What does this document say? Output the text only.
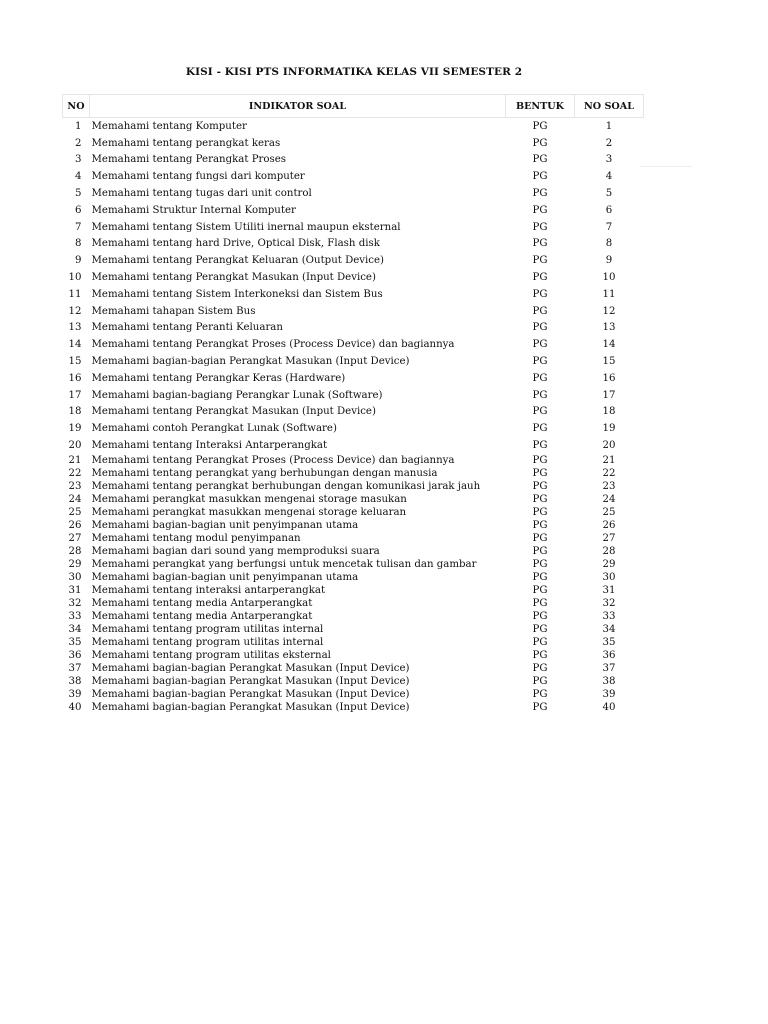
KISI - KISI PTS INFORMATIKA KELAS VII SEMESTER 2
NO	INDIKATOR SOAL	BENTUK	NO SOAL
1	Memahami tentang Komputer	PG	1
2	Memahami tentang perangkat keras	PG	2
3	Memahami tentang Perangkat Proses	PG	3
4	Memahami tentang fungsi dari komputer	PG	4
5	Memahami tentang tugas dari unit control	PG	5
6	Memahami Struktur Internal Komputer	PG	6
7	Memahami tentang Sistem Utiliti inernal maupun eksternal	PG	7
8	Memahami tentang hard Drive, Optical Disk, Flash disk	PG	8
9	Memahami tentang Perangkat Keluaran (Output Device)	PG	9
10	Memahami tentang Perangkat Masukan (Input Device)	PG	10
11	Memahami tentang Sistem Interkoneksi dan Sistem Bus	PG	11
12	Memahami tahapan Sistem Bus	PG	12
13	Memahami tentang Peranti Keluaran	PG	13
14	Memahami tentang Perangkat Proses (Process Device) dan bagiannya	PG	14
15	Memahami bagian-bagian Perangkat Masukan (Input Device)	PG	15
16	Memahami tentang Perangkar Keras (Hardware)	PG	16
17	Memahami bagian-bagiang Perangkar Lunak (Software)	PG	17
18	Memahami tentang Perangkat Masukan (Input Device)	PG	18
19	Memahami contoh Perangkat Lunak (Software)	PG	19
20	Memahami tentang Interaksi Antarperangkat	PG	20
21	Memahami tentang Perangkat Proses (Process Device) dan bagiannya	PG	21
22	Memahami tentang perangkat yang berhubungan dengan manusia	PG	22
23	Memahami tentang perangkat berhubungan dengan komunikasi jarak jauh	PG	23
24	Memahami perangkat masukkan mengenai storage masukan	PG	24
25	Memahami perangkat masukkan mengenai storage keluaran	PG	25
26	Memahami bagian-bagian unit penyimpanan utama	PG	26
27	Memahami tentang modul penyimpanan	PG	27
28	Memahami bagian dari sound yang memproduksi suara	PG	28
29	Memahami perangkat yang berfungsi untuk mencetak tulisan dan gambar	PG	29
30	Memahami bagian-bagian unit penyimpanan utama	PG	30
31	Memahami tentang interaksi antarperangkat	PG	31
32	Memahami tentang media Antarperangkat	PG	32
33	Memahami tentang media Antarperangkat	PG	33
34	Memahami tentang program utilitas internal	PG	34
35	Memahami tentang program utilitas internal	PG	35
36	Memahami tentang program utilitas eksternal	PG	36
37	Memahami bagian-bagian Perangkat Masukan (Input Device)	PG	37
38	Memahami bagian-bagian Perangkat Masukan (Input Device)	PG	38
39	Memahami bagian-bagian Perangkat Masukan (Input Device)	PG	39
40	Memahami bagian-bagian Perangkat Masukan (Input Device)	PG	40
